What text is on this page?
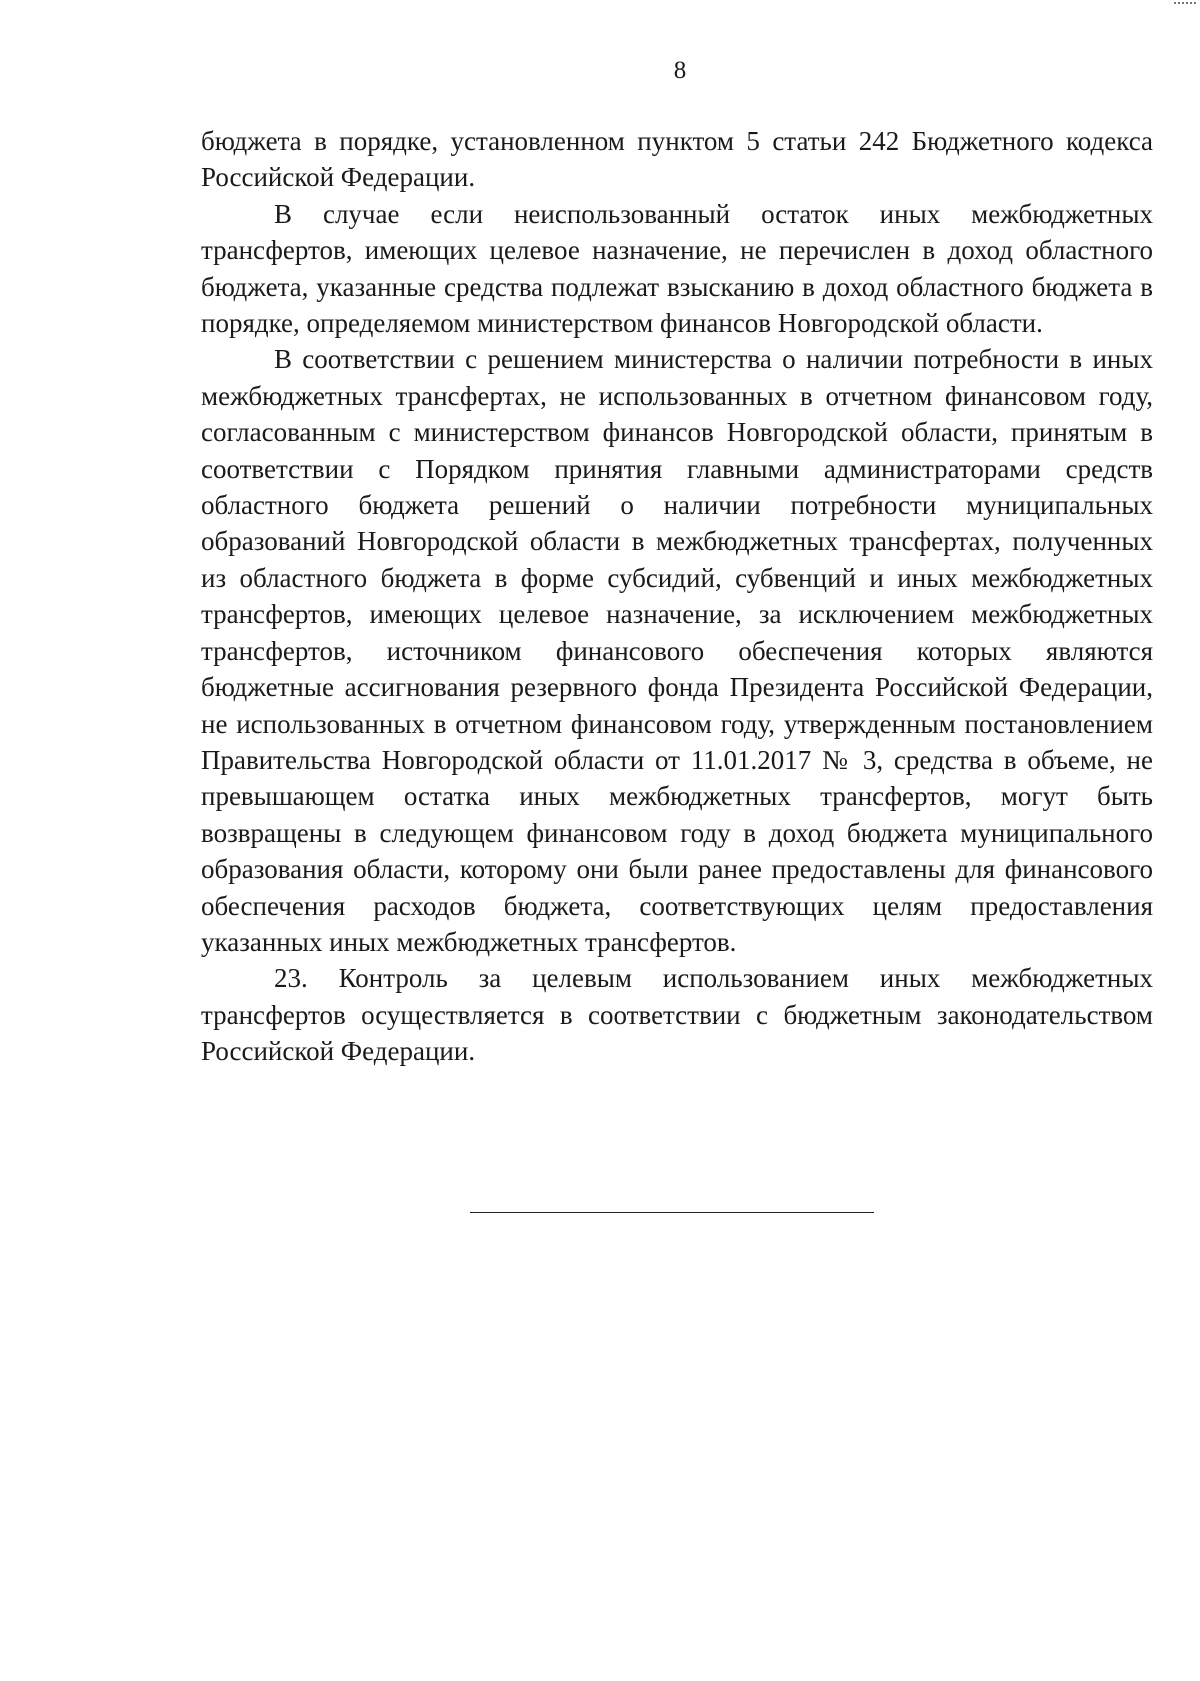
8

бюджета в порядке, установленном пунктом 5 статьи 242 Бюджетного кодекса Российской Федерации.

В случае если неиспользованный остаток иных межбюджетных трансфертов, имеющих целевое назначение, не перечислен в доход областного бюджета, указанные средства подлежат взысканию в доход областного бюджета в порядке, определяемом министерством финансов Новгородской области.

В соответствии с решением министерства о наличии потребности в иных межбюджетных трансфертах, не использованных в отчетном финансовом году, согласованным с министерством финансов Новгородской области, принятым в соответствии с Порядком принятия главными администраторами средств областного бюджета решений о наличии потребности муниципальных образований Новгородской области в межбюджетных трансфертах, полученных из областного бюджета в форме субсидий, субвенций и иных межбюджетных трансфертов, имеющих целевое назначение, за исключением межбюджетных трансфертов, источником финансового обеспечения которых являются бюджетные ассигнования резервного фонда Президента Российской Федерации, не использованных в отчетном финансовом году, утвержденным постановлением Правительства Новгородской области от 11.01.2017 № 3, средства в объеме, не превышающем остатка иных межбюджетных трансфертов, могут быть возвращены в следующем финансовом году в доход бюджета муниципального образования области, которому они были ранее предоставлены для финансового обеспечения расходов бюджета, соответствующих целям предоставления указанных иных межбюджетных трансфертов.

23. Контроль за целевым использованием иных межбюджетных трансфертов осуществляется в соответствии с бюджетным законодательством Российской Федерации.
